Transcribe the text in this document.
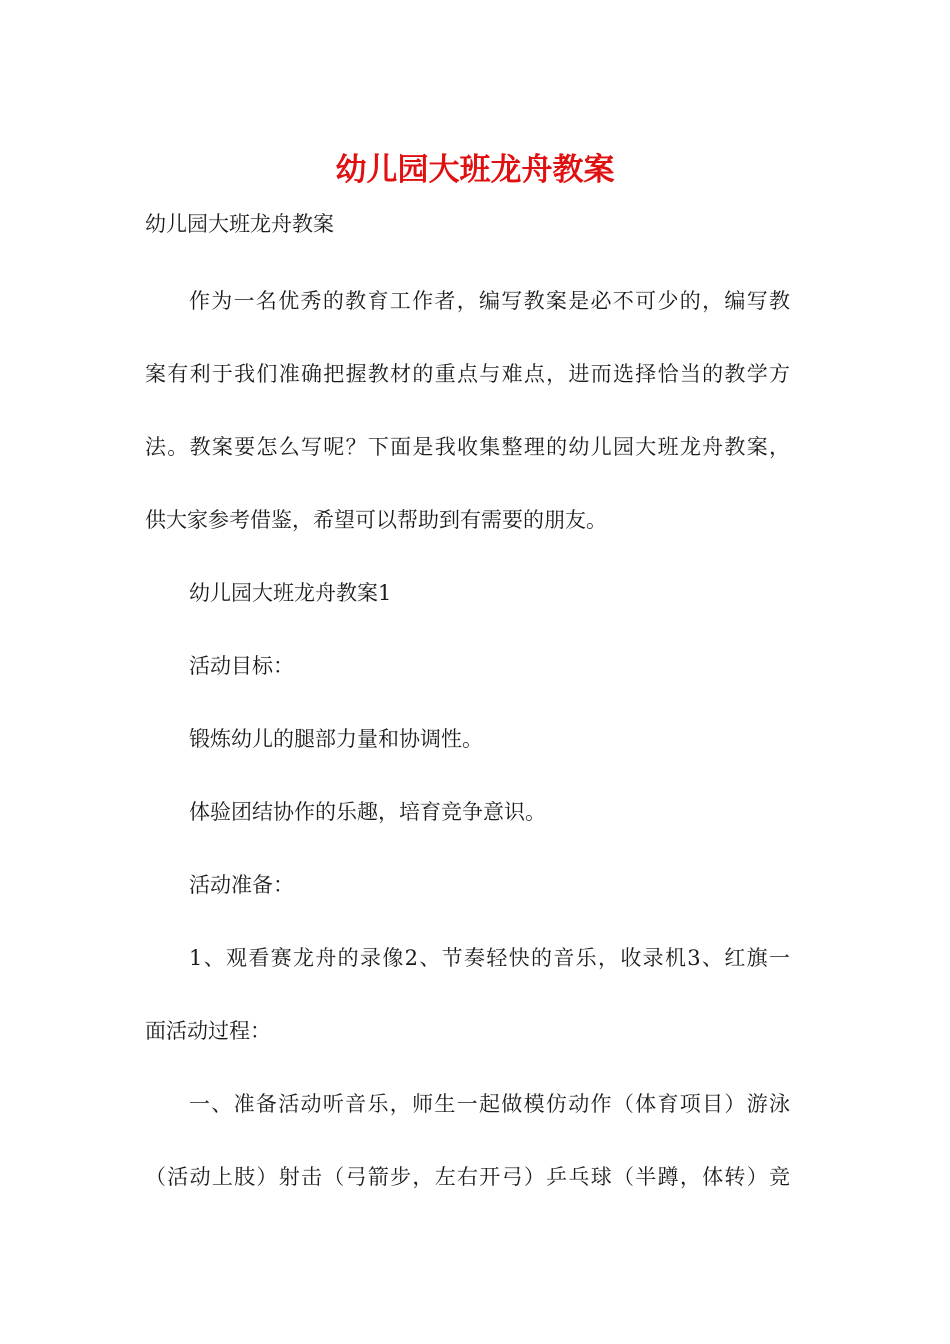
幼儿园大班龙舟教案

幼儿园大班龙舟教案

作为一名优秀的教育工作者，编写教案是必不可少的，编写教

案有利于我们准确把握教材的重点与难点，进而选择恰当的教学方

法。教案要怎么写呢？下面是我收集整理的幼儿园大班龙舟教案，

供大家参考借鉴，希望可以帮助到有需要的朋友。

幼儿园大班龙舟教案1

活动目标：

锻炼幼儿的腿部力量和协调性。

体验团结协作的乐趣，培育竞争意识。

活动准备：

1、观看赛龙舟的录像2、节奏轻快的音乐，收录机3、红旗一

面活动过程：

一、准备活动听音乐，师生一起做模仿动作（体育项目）游泳

（活动上肢）射击（弓箭步，左右开弓）乒乓球（半蹲，体转）竞
